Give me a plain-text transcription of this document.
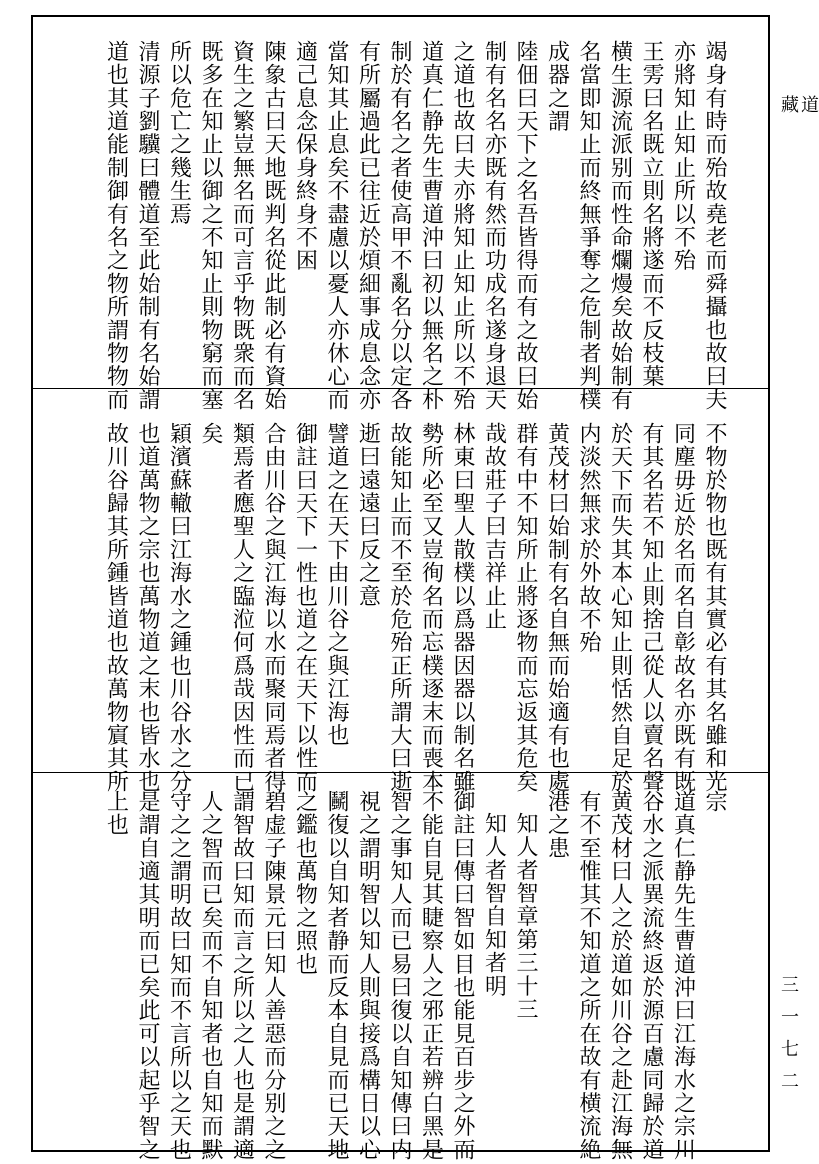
道藏
三一七二
竭身有時而殆故堯老而舜攝也故曰夫
亦將知止知止所以不殆
王雱曰名既立則名將遂而不反枝葉
横生源流派别而性命爛熳矣故始制有
名當即知止而終無爭奪之危制者判樸
成器之謂
陸佃曰天下之名吾皆得而有之故曰始
制有名名亦既有然而功成名遂身退天
之道也故曰夫亦將知止知止所以不殆
道真仁静先生曹道沖曰初以無名之朴
制於有名之者使高甲不亂名分以定各
有所屬過此已往近於煩細事成息念亦
當知其止息矣不盡慮以憂人亦休心而
適己息念保身終身不困
陳象古曰天地既判名從此制必有資始
資生之繁豈無名而可言乎物既衆而名
既多在知止以御之不知止則物窮而塞
所以危亡之幾生焉
清源子劉驥曰體道至此始制有名始謂
道也其道能制御有名之物所謂物物而
不物於物也既有其實必有其名雖和光
同塵毋近於名而名自彰故名亦既有既
有其名若不知止則捨己從人以賣名聲
於天下而失其本心知止則恬然自足於
内淡然無求於外故不殆
黄茂材曰始制有名自無而始適有也處
群有中不知所止將逐物而忘返其危矣
哉故莊子曰吉祥止止
林東曰聖人散樸以爲器因器以制名雖
勢所必至又豈徇名而忘樸逐末而喪本
故能知止而不至於危殆正所謂大曰逝
逝曰遠遠曰反之意
譬道之在天下由川谷之與江海也
御註曰天下一性也道之在天下以性而
合由川谷之與江海以水而聚同焉者得
類焉者應聖人之臨涖何爲哉因性而已
矣
穎濱蘇轍曰江海水之鍾也川谷水之分
也道萬物之宗也萬物道之末也皆水也
故川谷歸其所鍾皆道也故萬物賔其所
宗
道真仁静先生曹道沖曰江海水之宗川
谷水之派異流終返於源百慮同歸於道
黄茂材曰人之於道如川谷之赴江海無
有不至惟其不知道之所在故有横流絶
港之患
知人者智章第三十三
知人者智自知者明
御註曰傳曰智如目也能見百步之外而
不能自見其睫察人之邪正若辨白黑是
智之事知人而已易曰復以自知傳曰内
視之謂明智以知人則與接爲構日以心
鬭復以自知者静而反本自見而已天地
之鑑也萬物之照也
碧虚子陳景元曰知人善惡而分别之之
謂智故曰知而言之所以之人也是謂適
人之智而已矣而不自知者也自知而默
守之之謂明故曰知而不言所以之天也
是謂自適其明而已矣此可以起乎智之
上也
